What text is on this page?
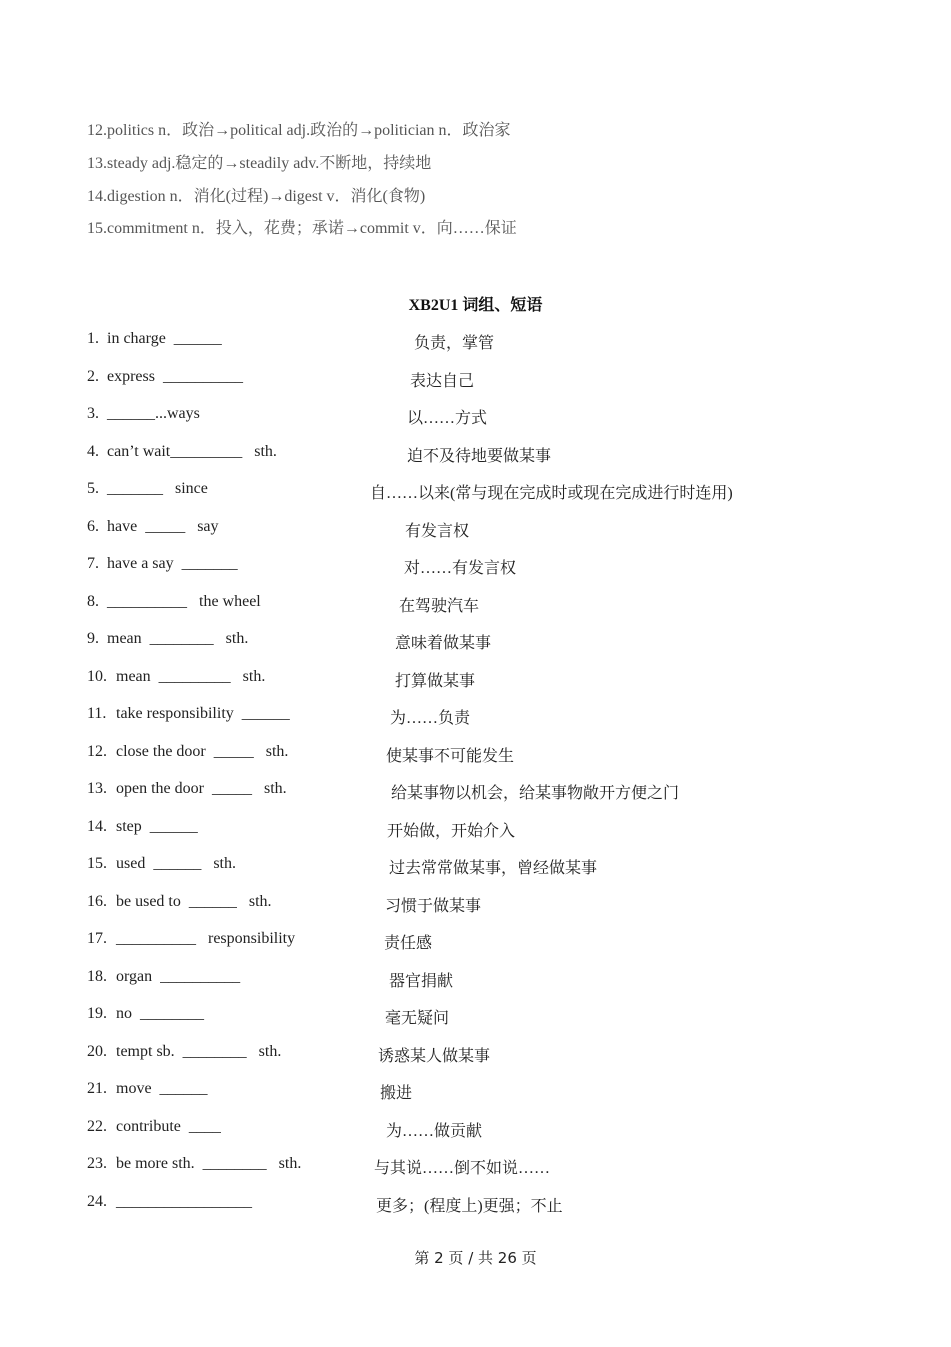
12.politics n．政治→political adj.政治的→politician n．政治家
13.steady adj.稳定的→steadily adv.不断地，持续地
14.digestion n．消化(过程)→digest v．消化(食物)
15.commitment n．投入，花费；承诺→commit v．向……保证
XB2U1 词组、短语
1. in charge  ______	负责，掌管
2. express  __________	表达自己
3. ______...ways	以……方式
4. can’t wait_________   sth.	迫不及待地要做某事
5. _______   since	自……以来(常与现在完成时或现在完成进行时连用)
6. have  _____   say	有发言权
7. have a say  _______	对……有发言权
8. __________   the wheel	在驾驶汽车
9. mean  ________   sth.	意味着做某事
10. mean  _________   sth.	打算做某事
11. take responsibility  ______	为……负责
12. close the door  _____   sth.	使某事不可能发生
13. open the door  _____   sth.	给某事物以机会，给某事物敞开方便之门
14. step  ______	开始做，开始介入
15. used  ______   sth.	过去常常做某事，曾经做某事
16. be used to  ______   sth.	习惯于做某事
17. __________   responsibility	责任感
18. organ  __________	器官捐献
19. no  ________	毫无疑问
20. tempt sb.  ________   sth.	诱惑某人做某事
21. move  ______	搬进
22. contribute  ____	为……做贡献
23. be more sth.  ________   sth.	与其说……倒不如说……
24. _________________	更多；(程度上)更强；不止
第 2 页 / 共 26 页
